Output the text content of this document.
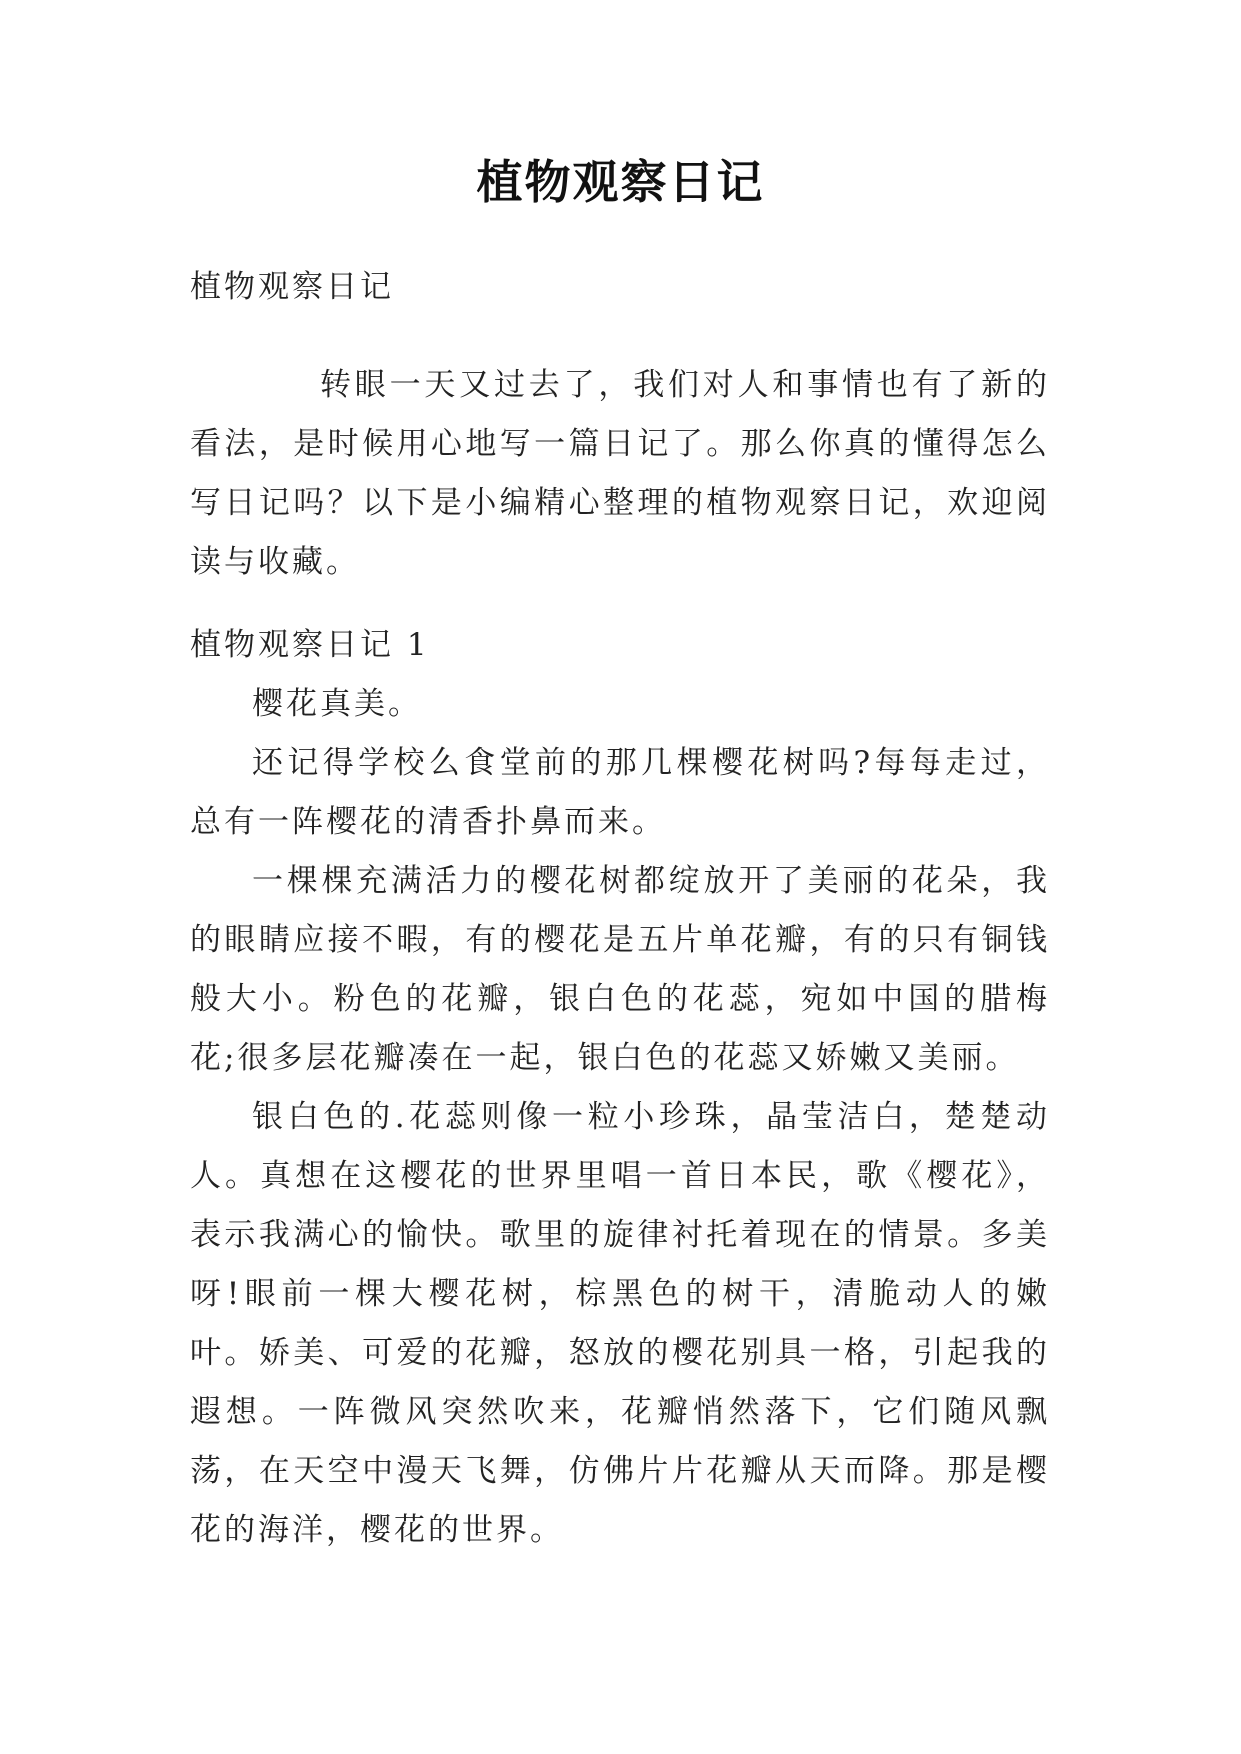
植物观察日记

植物观察日记

转眼一天又过去了，我们对人和事情也有了新的看法，是时候用心地写一篇日记了。那么你真的懂得怎么写日记吗？以下是小编精心整理的植物观察日记，欢迎阅读与收藏。

植物观察日记 1

樱花真美。

还记得学校么食堂前的那几棵樱花树吗?每每走过，总有一阵樱花的清香扑鼻而来。

一棵棵充满活力的樱花树都绽放开了美丽的花朵，我的眼睛应接不暇，有的樱花是五片单花瓣，有的只有铜钱般大小。粉色的花瓣，银白色的花蕊，宛如中国的腊梅花;很多层花瓣凑在一起，银白色的花蕊又娇嫩又美丽。

银白色的.花蕊则像一粒小珍珠，晶莹洁白，楚楚动人。真想在这樱花的世界里唱一首日本民，歌《樱花》，表示我满心的愉快。歌里的旋律衬托着现在的情景。多美呀!眼前一棵大樱花树，棕黑色的树干，清脆动人的嫩叶。娇美、可爱的花瓣，怒放的樱花别具一格，引起我的遐想。一阵微风突然吹来，花瓣悄然落下，它们随风飘荡，在天空中漫天飞舞，仿佛片片花瓣从天而降。那是樱花的海洋，樱花的世界。
